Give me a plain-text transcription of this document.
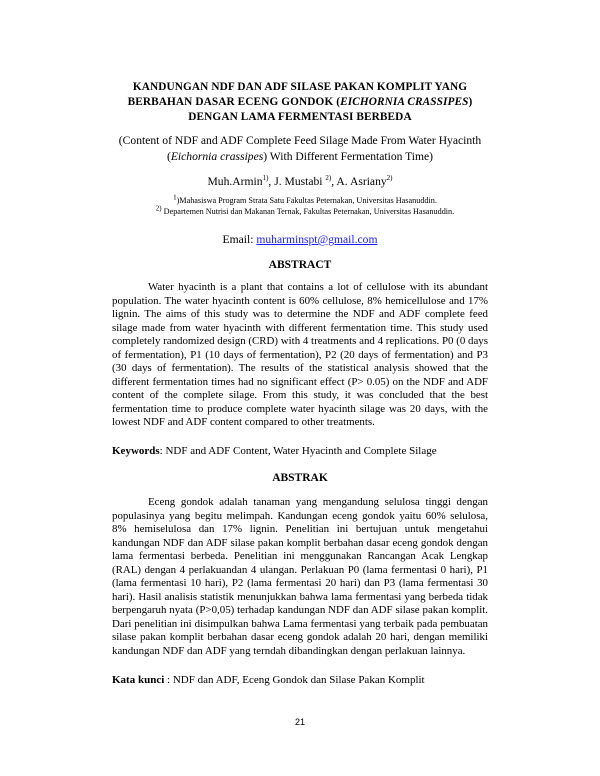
KANDUNGAN NDF DAN ADF SILASE PAKAN KOMPLIT YANG
BERBAHAN DASAR ECENG GONDOK (EICHORNIA CRASSIPES)
DENGAN LAMA FERMENTASI BERBEDA
(Content of NDF and ADF Complete Feed Silage Made From Water Hyacinth
(Eichornia crassipes) With Different Fermentation Time)
Muh.Armin$^{1)}$, J. Mustabi $^{2)}$, A. Asriany$^{2)}$
$^1$)Mahasiswa Program Strata Satu Fakultas Peternakan, Universitas Hasanuddin.
$^{2)}$ Departemen Nutrisi dan Makanan Ternak, Fakultas Peternakan, Universitas Hasanuddin.
Email: muharminspt@gmail.com
ABSTRACT
Water hyacinth is a plant that contains a lot of cellulose with its abundant population. The water hyacinth content is 60% cellulose, 8% hemicellulose and 17% lignin. The aims of this study was to determine the NDF and ADF complete feed silage made from water hyacinth with different fermentation time. This study used completely randomized design (CRD) with 4 treatments and 4 replications. P0 (0 days of fermentation), P1 (10 days of fermentation), P2 (20 days of fermentation) and P3 (30 days of fermentation). The results of the statistical analysis showed that the different fermentation times had no significant effect (P> 0.05) on the NDF and ADF content of the complete silage. From this study, it was concluded that the best fermentation time to produce complete water hyacinth silage was 20 days, with the lowest NDF and ADF content compared to other treatments.
Keywords: NDF and ADF Content, Water Hyacinth and Complete Silage
ABSTRAK
Eceng gondok adalah tanaman yang mengandung selulosa tinggi dengan populasinya yang begitu melimpah. Kandungan eceng gondok yaitu 60% selulosa, 8% hemiselulosa dan 17% lignin. Penelitian ini bertujuan untuk mengetahui kandungan NDF dan ADF silase pakan komplit berbahan dasar eceng gondok dengan lama fermentasi berbeda. Penelitian ini menggunakan Rancangan Acak Lengkap (RAL) dengan 4 perlakuandan 4 ulangan. Perlakuan P0 (lama fermentasi 0 hari), P1 (lama fermentasi 10 hari), P2 (lama fermentasi 20 hari) dan P3 (lama fermentasi 30 hari). Hasil analisis statistik menunjukkan bahwa lama fermentasi yang berbeda tidak berpengaruh nyata (P>0,05) terhadap kandungan NDF dan ADF silase pakan komplit. Dari penelitian ini disimpulkan bahwa Lama fermentasi yang terbaik pada pembuatan silase pakan komplit berbahan dasar eceng gondok adalah 20 hari, dengan memiliki kandungan NDF dan ADF yang terndah dibandingkan dengan perlakuan lainnya.
Kata kunci : NDF dan ADF, Eceng Gondok dan Silase Pakan Komplit
21
